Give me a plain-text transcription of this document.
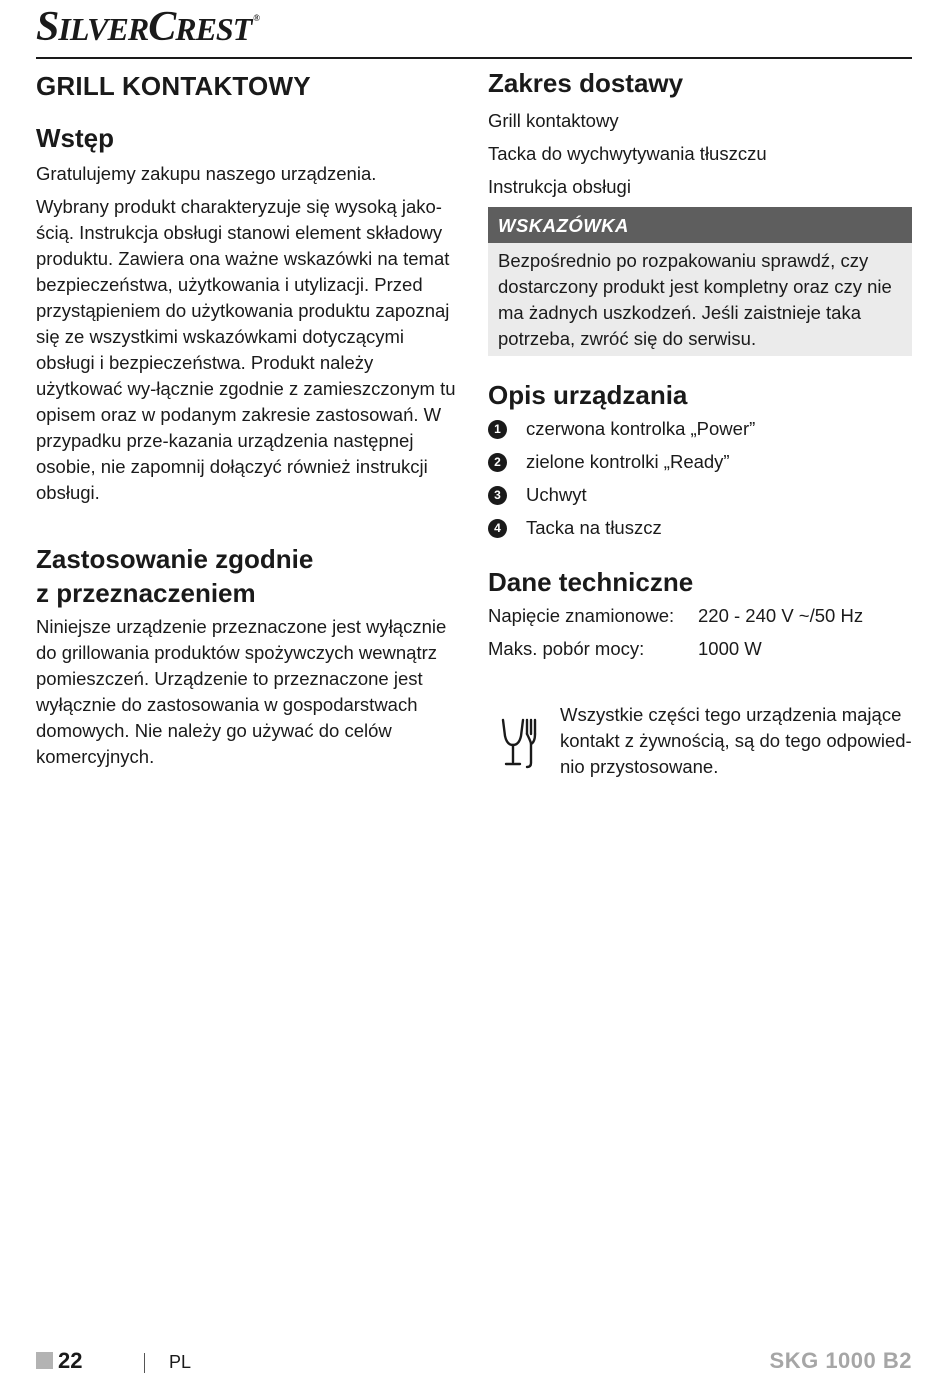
SILVERCREST ®
GRILL KONTAKTOWY
Wstęp

Gratulujemy zakupu naszego urządzenia.

Wybrany produkt charakteryzuje się wysoką jako-ścią. Instrukcja obsługi stanowi element składowy produktu. Zawiera ona ważne wskazówki na temat bezpieczeństwa, użytkowania i utylizacji. Przed przystąpieniem do użytkowania produktu zapoznaj się ze wszystkimi wskazówkami dotyczącymi obsługi i bezpieczeństwa. Produkt należy użytkować wy-łącznie zgodnie z zamieszczonym tu opisem oraz w podanym zakresie zastosowań. W przypadku prze-kazania urządzenia następnej osobie, nie zapomnij dołączyć również instrukcji obsługi.

Zastosowanie zgodnie
z przeznaczeniem

Niniejsze urządzenie przeznaczone jest wyłącznie do grillowania produktów spożywczych wewnątrz pomieszczeń. Urządzenie to przeznaczone jest wyłącznie do zastosowania w gospodarstwach domowych. Nie należy go używać do celów komercyjnych.

Zakres dostawy
Grill kontaktowy
Tacka do wychwytywania tłuszczu
Instrukcja obsługi
WSKAZÓWKA
Bezpośrednio po rozpakowaniu sprawdź, czy dostarczony produkt jest kompletny oraz czy nie ma żadnych uszkodzeń. Jeśli zaistnieje taka potrzeba, zwróć się do serwisu.
Opis urządzania
1	czerwona kontrolka „Power”
2	zielone kontrolki „Ready”
3	Uchwyt
4	Tacka na tłuszcz
Dane techniczne
Napięcie znamionowe:	220 - 240 V ~/50 Hz
Maks. pobór mocy:	1000 W
Wszystkie części tego urządzenia mające kontakt z żywnością, są do tego odpowied-nio przystosowane.
22	PL	SKG 1000 B2
